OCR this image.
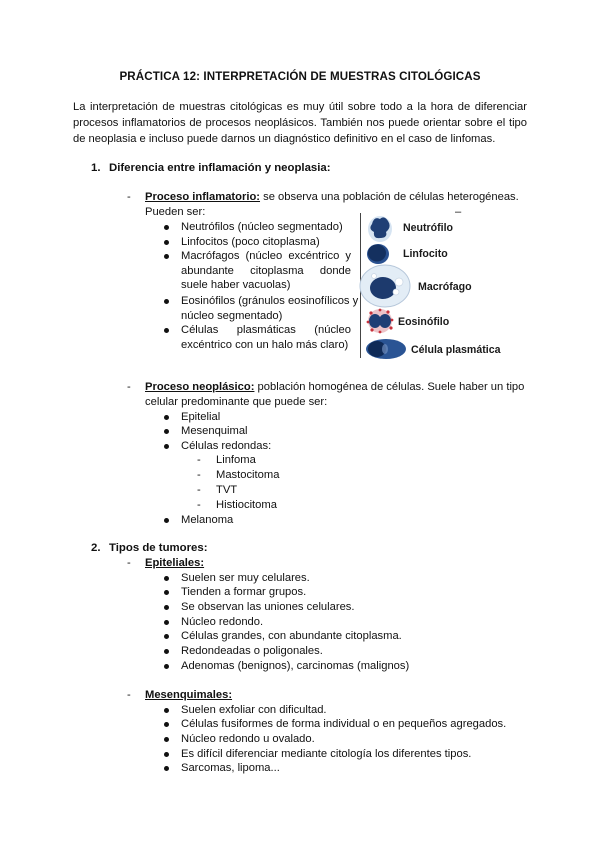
PRÁCTICA 12: INTERPRETACIÓN DE MUESTRAS CITOLÓGICAS
La interpretación de muestras citológicas es muy útil sobre todo a la hora de diferenciar procesos inflamatorios de procesos neoplásicos. También nos puede orientar sobre el tipo de neoplasia e incluso puede darnos un diagnóstico definitivo en el caso de linfomas.
1. Diferencia entre inflamación y neoplasia:
- Proceso inflamatorio: se observa una población de células heterogéneas.
Pueden ser:	–
Neutrófilos (núcleo segmentado)
Linfocitos (poco citoplasma)
Macrófagos (núcleo excéntrico y abundante citoplasma donde suele haber vacuolas)
Eosinófilos (gránulos eosinofílicos y núcleo segmentado)
Células plasmáticas (núcleo excéntrico con un halo más claro)
Neutrófilo
Linfocito
Macrófago
Eosinófilo
Célula plasmática
- Proceso neoplásico: población homogénea de células. Suele haber un tipo
celular predominante que puede ser:
Epitelial
Mesenquimal
Células redondas:
- Linfoma
- Mastocitoma
- TVT
- Histiocitoma
Melanoma
2. Tipos de tumores:
-	Epiteliales:
Suelen ser muy celulares.
Tienden a formar grupos.
Se observan las uniones celulares.
Núcleo redondo.
Células grandes, con abundante citoplasma.
Redondeadas o poligonales.
Adenomas (benignos), carcinomas (malignos)
-	Mesenquimales:
Suelen exfoliar con dificultad.
Células fusiformes de forma individual o en pequeños agregados.
Núcleo redondo u ovalado.
Es difícil diferenciar mediante citología los diferentes tipos.
Sarcomas, lipoma...
